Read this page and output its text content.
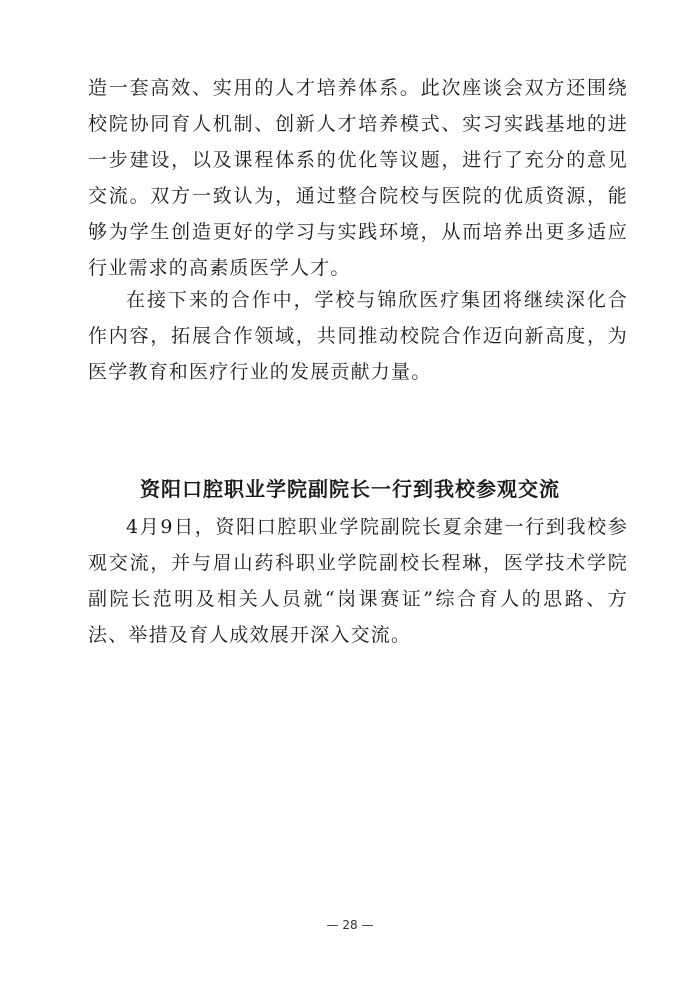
造一套高效、实用的人才培养体系。此次座谈会双方还围绕校院协同育人机制、创新人才培养模式、实习实践基地的进一步建设，以及课程体系的优化等议题，进行了充分的意见交流。双方一致认为，通过整合院校与医院的优质资源，能够为学生创造更好的学习与实践环境，从而培养出更多适应行业需求的高素质医学人才。

在接下来的合作中，学校与锦欣医疗集团将继续深化合作内容，拓展合作领域，共同推动校院合作迈向新高度，为医学教育和医疗行业的发展贡献力量。

资阳口腔职业学院副院长一行到我校参观交流

4月9日，资阳口腔职业学院副院长夏余建一行到我校参观交流，并与眉山药科职业学院副校长程琳，医学技术学院副院长范明及相关人员就“岗课赛证”综合育人的思路、方法、举措及育人成效展开深入交流。

— 28 —
